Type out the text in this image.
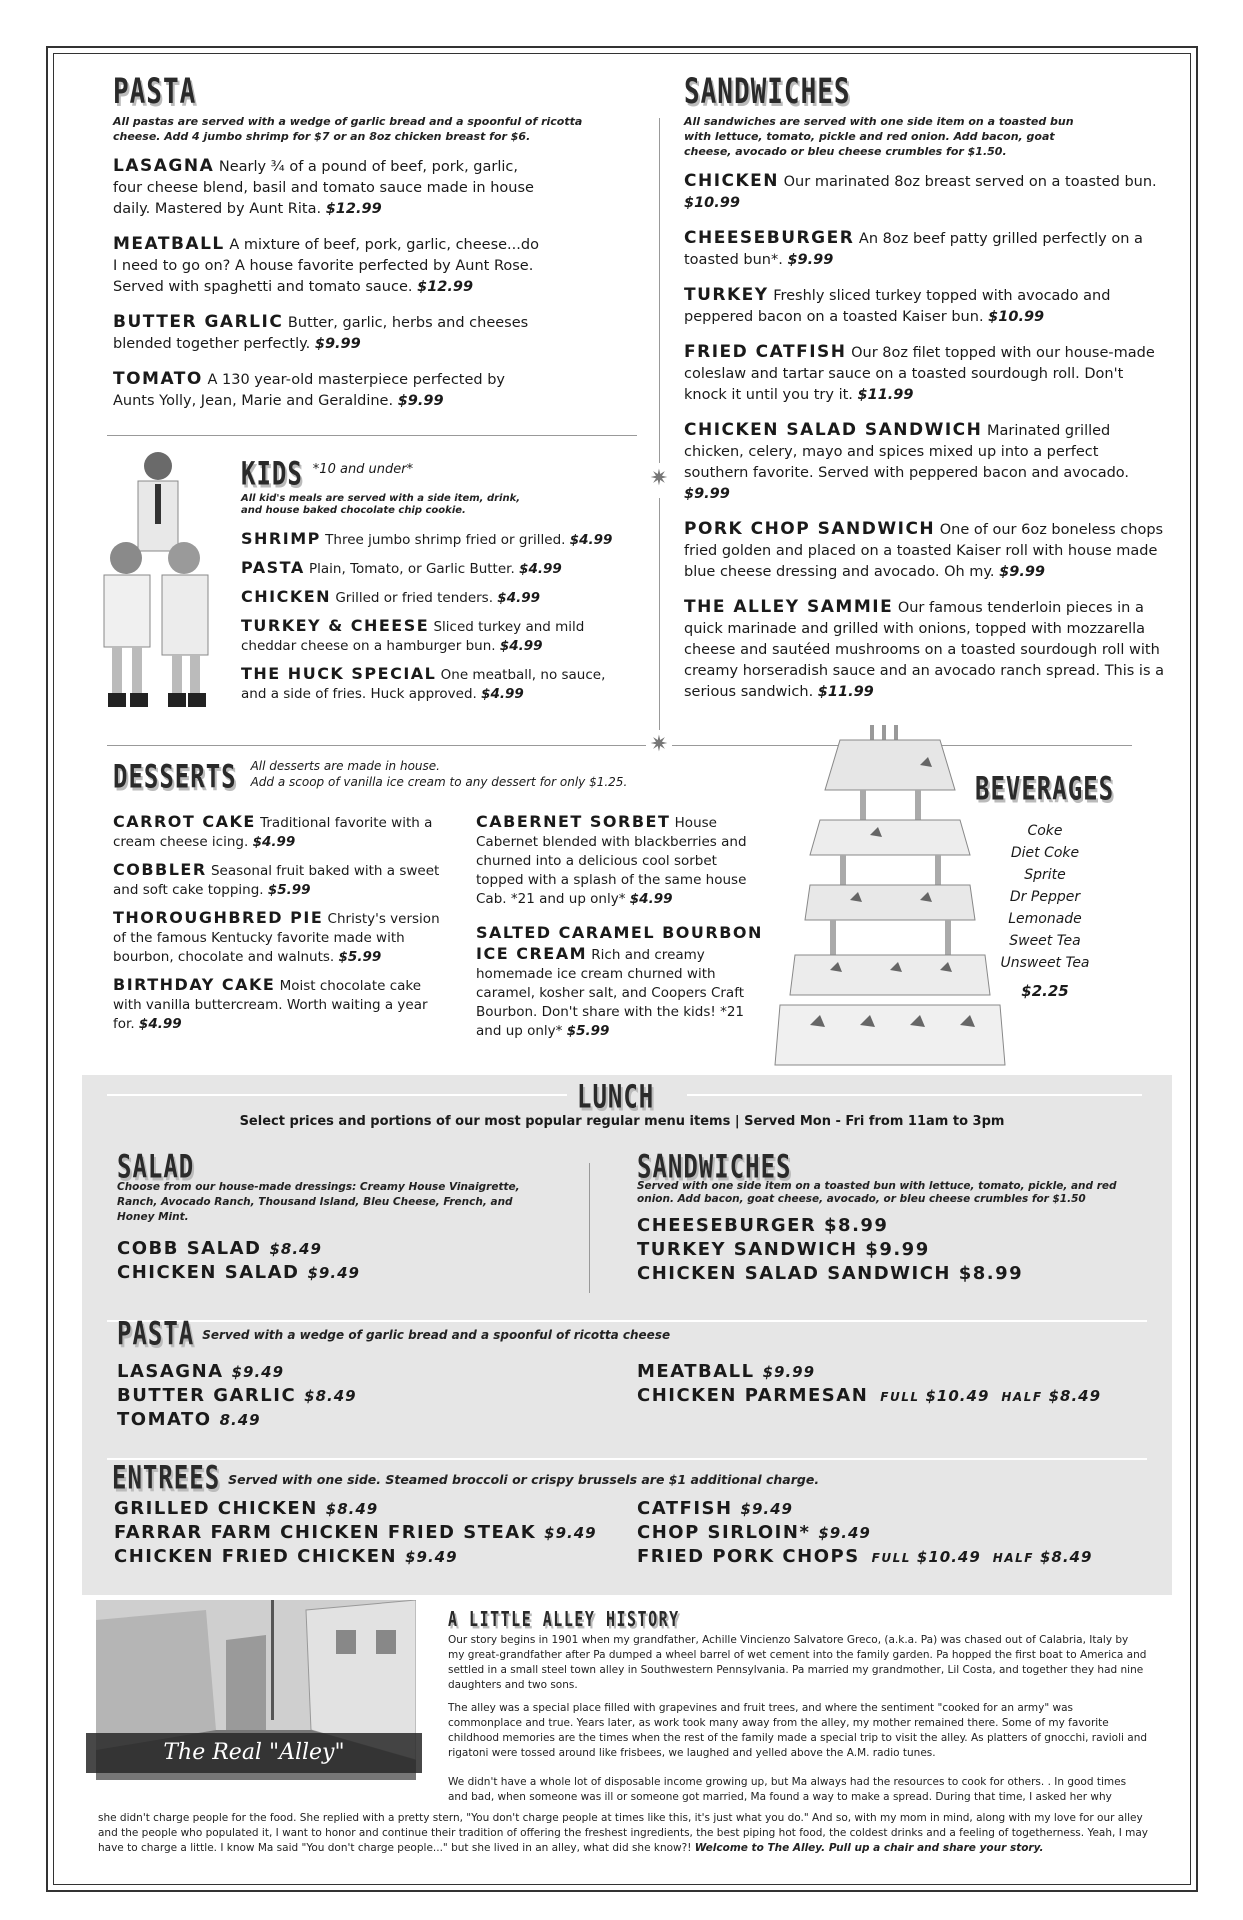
PASTA
All pastas are served with a wedge of garlic bread and a spoonful of ricotta cheese. Add 4 jumbo shrimp for $7 or an 8oz chicken breast for $6.
LASAGNA Nearly ¾ of a pound of beef, pork, garlic, four cheese blend, basil and tomato sauce made in house daily. Mastered by Aunt Rita. $12.99
MEATBALL A mixture of beef, pork, garlic, cheese...do I need to go on? A house favorite perfected by Aunt Rose. Served with spaghetti and tomato sauce. $12.99
BUTTER GARLIC Butter, garlic, herbs and cheeses blended together perfectly. $9.99
TOMATO A 130 year-old masterpiece perfected by Aunts Yolly, Jean, Marie and Geraldine. $9.99
SANDWICHES
All sandwiches are served with one side item on a toasted bun with lettuce, tomato, pickle and red onion. Add bacon, goat cheese, avocado or bleu cheese crumbles for $1.50.
CHICKEN Our marinated 8oz breast served on a toasted bun. $10.99
CHEESEBURGER An 8oz beef patty grilled perfectly on a toasted bun*. $9.99
TURKEY Freshly sliced turkey topped with avocado and peppered bacon on a toasted Kaiser bun. $10.99
FRIED CATFISH Our 8oz filet topped with our house-made coleslaw and tartar sauce on a toasted sourdough roll. Don't knock it until you try it. $11.99
CHICKEN SALAD SANDWICH Marinated grilled chicken, celery, mayo and spices mixed up into a perfect southern favorite. Served with peppered bacon and avocado. $9.99
PORK CHOP SANDWICH One of our 6oz boneless chops fried golden and placed on a toasted Kaiser roll with house made blue cheese dressing and avocado. Oh my. $9.99
THE ALLEY SAMMIE Our famous tenderloin pieces in a quick marinade and grilled with onions, topped with mozzarella cheese and sautéed mushrooms on a toasted sourdough roll with creamy horseradish sauce and an avocado ranch spread. This is a serious sandwich. $11.99
✷
KIDS *10 and under*
All kid's meals are served with a side item, drink, and house baked chocolate chip cookie.
SHRIMP Three jumbo shrimp fried or grilled. $4.99
PASTA Plain, Tomato, or Garlic Butter. $4.99
CHICKEN Grilled or fried tenders. $4.99
TURKEY & CHEESE Sliced turkey and mild cheddar cheese on a hamburger bun. $4.99
THE HUCK SPECIAL One meatball, no sauce, and a side of fries. Huck approved. $4.99
✷
DESSERTS All desserts are made in house.
Add a scoop of vanilla ice cream to any dessert for only $1.25.
CARROT CAKE Traditional favorite with a cream cheese icing. $4.99
COBBLER Seasonal fruit baked with a sweet and soft cake topping. $5.99
THOROUGHBRED PIE Christy's version of the famous Kentucky favorite made with bourbon, chocolate and walnuts. $5.99
BIRTHDAY CAKE Moist chocolate cake with vanilla buttercream. Worth waiting a year for. $4.99
CABERNET SORBET House Cabernet blended with blackberries and churned into a delicious cool sorbet topped with a splash of the same house Cab. *21 and up only* $4.99
SALTED CARAMEL BOURBON ICE CREAM Rich and creamy homemade ice cream churned with caramel, kosher salt, and Coopers Craft Bourbon. Don't share with the kids! *21 and up only* $5.99
BEVERAGES
Coke
Diet Coke
Sprite
Dr Pepper
Lemonade
Sweet Tea
Unsweet Tea
$2.25
LUNCH
Select prices and portions of our most popular regular menu items | Served Mon - Fri from 11am to 3pm
SALAD
Choose from our house-made dressings: Creamy House Vinaigrette, Ranch, Avocado Ranch, Thousand Island, Bleu Cheese, French, and Honey Mint.
COBB SALAD $8.49
CHICKEN SALAD $9.49
SANDWICHES
Served with one side item on a toasted bun with lettuce, tomato, pickle, and red onion. Add bacon, goat cheese, avocado, or bleu cheese crumbles for $1.50
CHEESEBURGER $8.99
TURKEY SANDWICH $9.99
CHICKEN SALAD SANDWICH $8.99
PASTA Served with a wedge of garlic bread and a spoonful of ricotta cheese
LASAGNA $9.49
BUTTER GARLIC $8.49
TOMATO 8.49
MEATBALL $9.99
CHICKEN PARMESAN FULL $10.49 HALF $8.49
ENTREES Served with one side. Steamed broccoli or crispy brussels are $1 additional charge.
GRILLED CHICKEN $8.49
FARRAR FARM CHICKEN FRIED STEAK $9.49
CHICKEN FRIED CHICKEN $9.49
CATFISH $9.49
CHOP SIRLOIN* $9.49
FRIED PORK CHOPS FULL $10.49 HALF $8.49
The Real "Alley"
A LITTLE ALLEY HISTORY

Our story begins in 1901 when my grandfather, Achille Vincienzo Salvatore Greco, (a.k.a. Pa) was chased out of Calabria, Italy by my great-grandfather after Pa dumped a wheel barrel of wet cement into the family garden. Pa hopped the first boat to America and settled in a small steel town alley in Southwestern Pennsylvania. Pa married my grandmother, Lil Costa, and together they had nine daughters and two sons.

The alley was a special place filled with grapevines and fruit trees, and where the sentiment "cooked for an army" was commonplace and true. Years later, as work took many away from the alley, my mother remained there. Some of my favorite childhood memories are the times when the rest of the family made a special trip to visit the alley. As platters of gnocchi, ravioli and rigatoni were tossed around like frisbees, we laughed and yelled above the A.M. radio tunes.

We didn't have a whole lot of disposable income growing up, but Ma always had the resources to cook for others. . In good times and bad, when someone was ill or someone got married, Ma found a way to make a spread. During that time, I asked her why

she didn't charge people for the food. She replied with a pretty stern, "You don't charge people at times like this, it's just what you do." And so, with my mom in mind, along with my love for our alley and the people who populated it, I want to honor and continue their tradition of offering the freshest ingredients, the best piping hot food, the coldest drinks and a feeling of togetherness. Yeah, I may have to charge a little. I know Ma said "You don't charge people..." but she lived in an alley, what did she know?! Welcome to The Alley. Pull up a chair and share your story.
